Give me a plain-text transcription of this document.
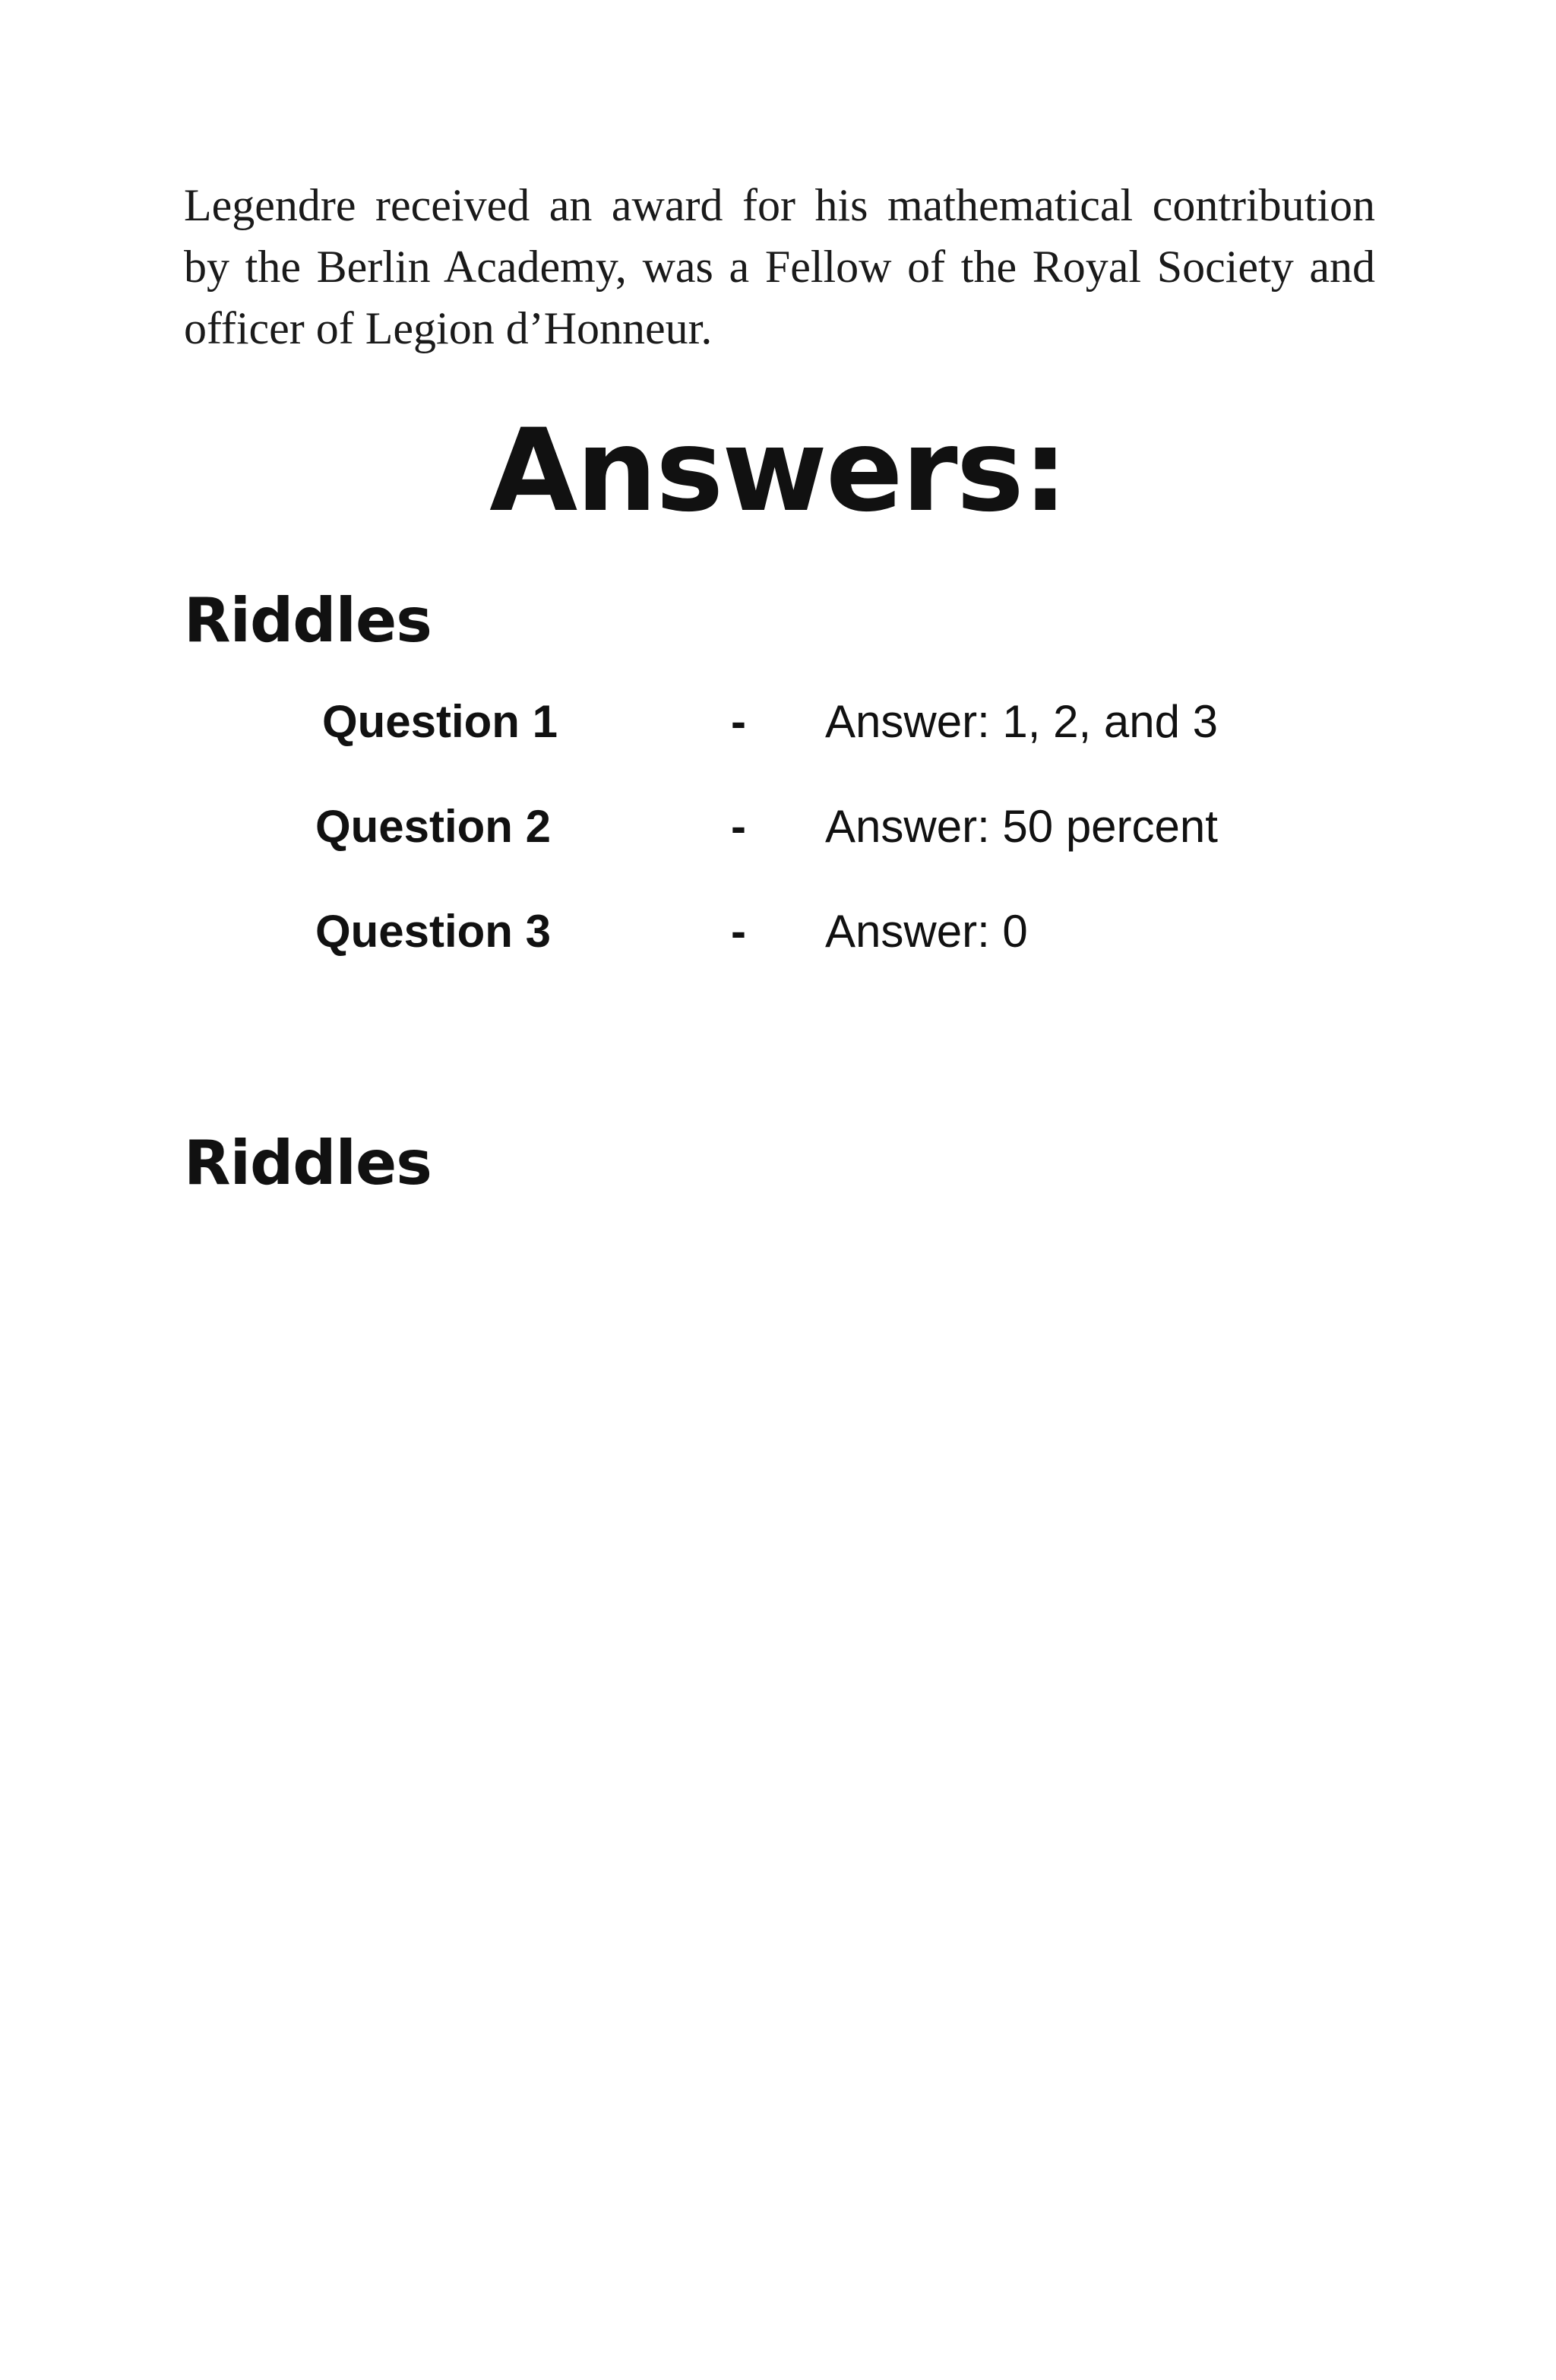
Legendre received an award for his mathematical contribution by the Berlin Academy, was a Fellow of the Royal Society and officer of Legion d’Honneur.

Answers:
Riddles
Question 1	- Answer: 1, 2, and 3
Question 2	- Answer: 50 percent
Question 3	- Answer: 0
Riddles
